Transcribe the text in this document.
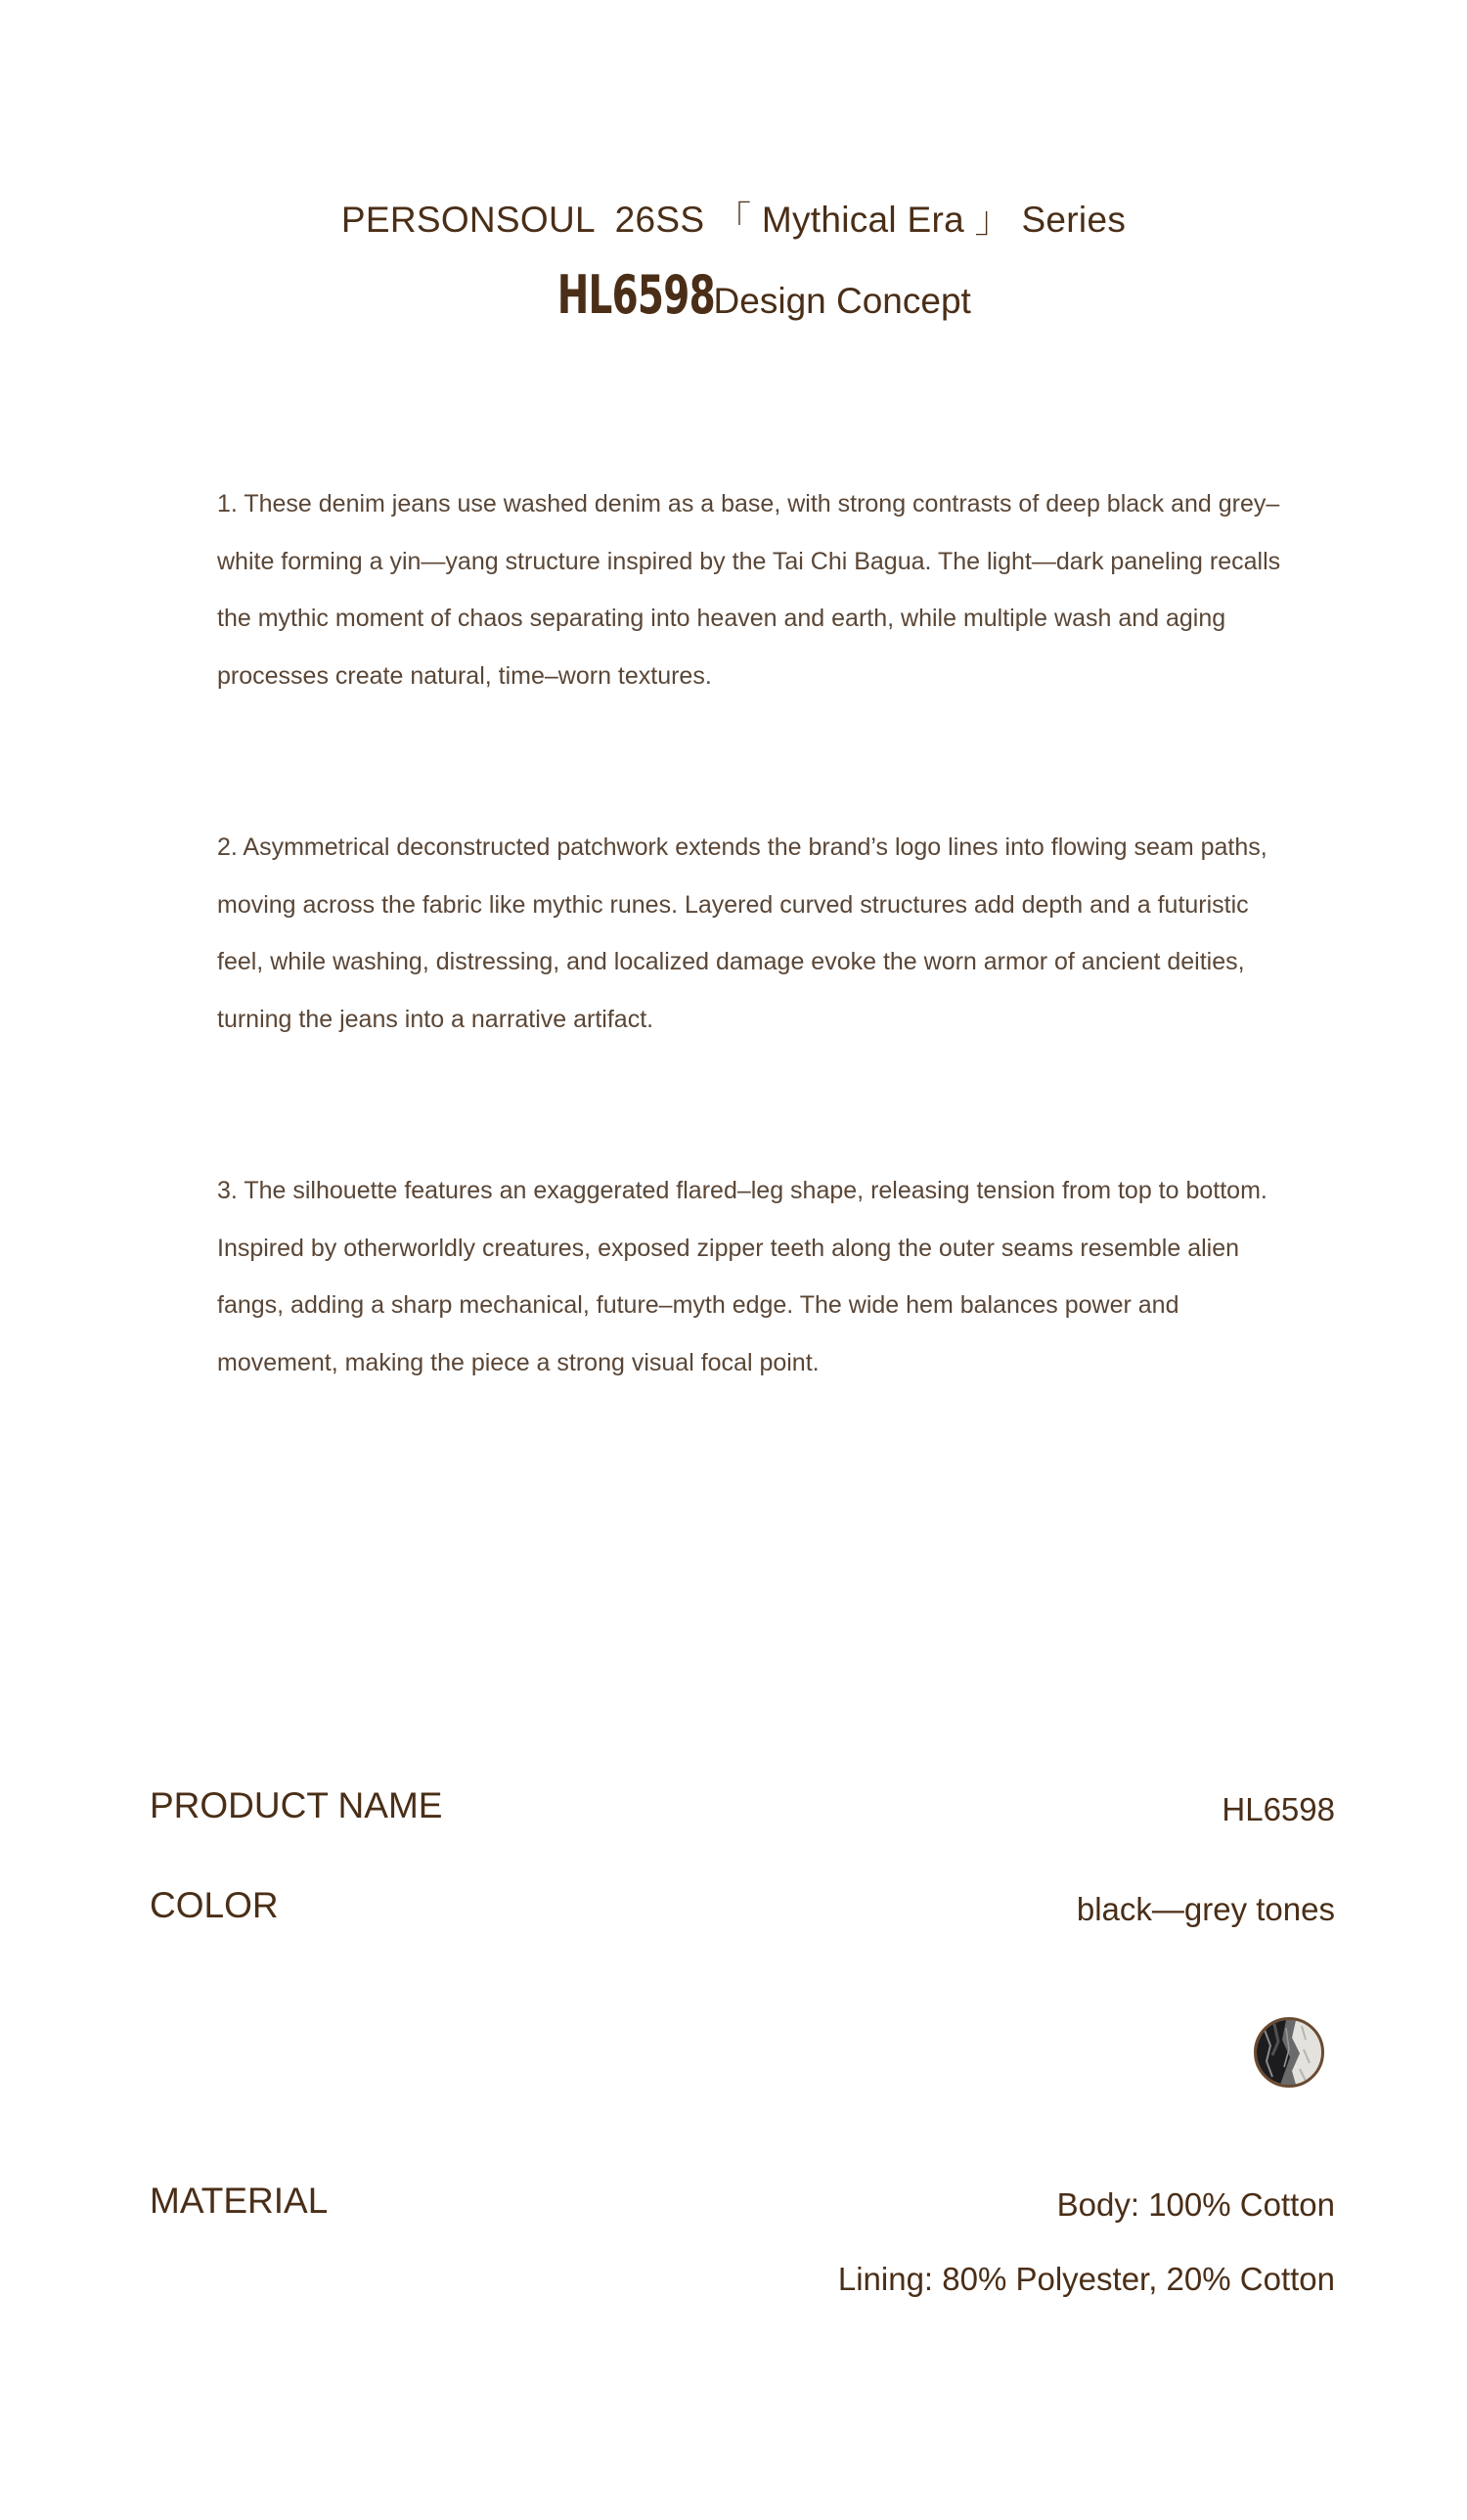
PERSONSOUL  26SS 「 Mythical Era 」 Series
HL6598 Design Concept

1. These denim jeans use washed denim as a base, with strong contrasts of deep black and grey–white forming a yin—yang structure inspired by the Tai Chi Bagua. The light—dark paneling recalls the mythic moment of chaos separating into heaven and earth, while multiple wash and aging processes create natural, time–worn textures.

2. Asymmetrical deconstructed patchwork extends the brand’s logo lines into flowing seam paths, moving across the fabric like mythic runes. Layered curved structures add depth and a futuristic feel, while washing, distressing, and localized damage evoke the worn armor of ancient deities, turning the jeans into a narrative artifact.

3. The silhouette features an exaggerated flared–leg shape, releasing tension from top to bottom. Inspired by otherworldly creatures, exposed zipper teeth along the outer seams resemble alien fangs, adding a sharp mechanical, future–myth edge. The wide hem balances power and movement, making the piece a strong visual focal point.

PRODUCT NAME	HL6598
COLOR	black—grey tones
MATERIAL	Body: 100% Cotton
Lining: 80% Polyester, 20% Cotton
